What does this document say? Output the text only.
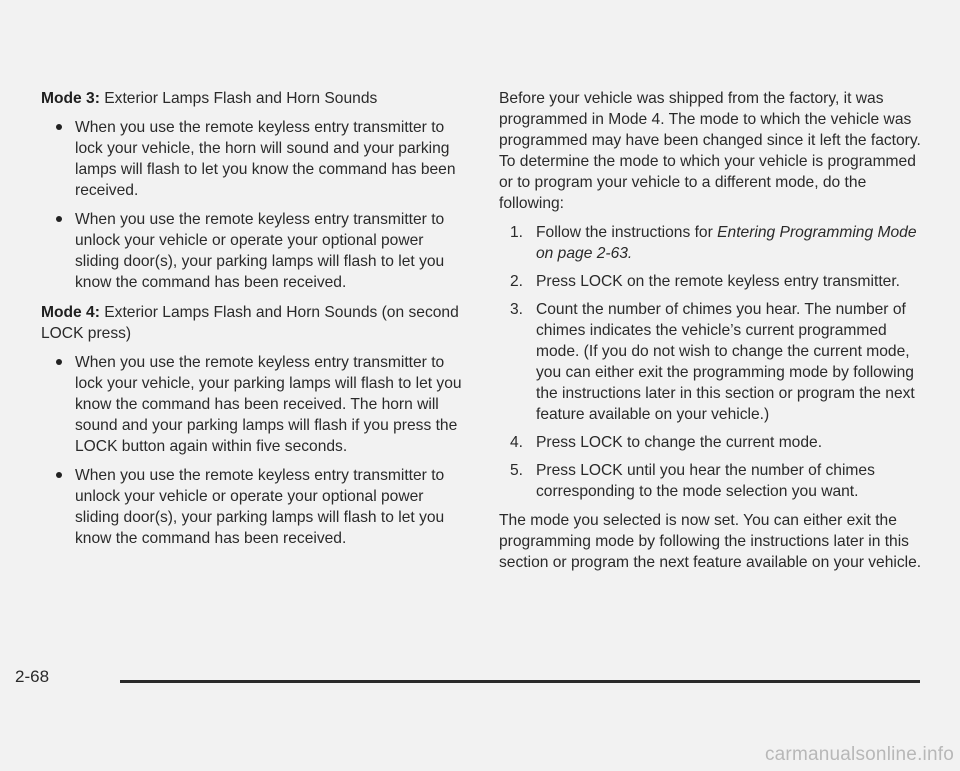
Mode 3: Exterior Lamps Flash and Horn Sounds

When you use the remote keyless entry transmitter to lock your vehicle, the horn will sound and your parking lamps will flash to let you know the command has been received.
When you use the remote keyless entry transmitter to unlock your vehicle or operate your optional power sliding door(s), your parking lamps will flash to let you know the command has been received.

Mode 4: Exterior Lamps Flash and Horn Sounds (on second LOCK press)

When you use the remote keyless entry transmitter to lock your vehicle, your parking lamps will flash to let you know the command has been received. The horn will sound and your parking lamps will flash if you press the LOCK button again within five seconds.
When you use the remote keyless entry transmitter to unlock your vehicle or operate your optional power sliding door(s), your parking lamps will flash to let you know the command has been received.

Before your vehicle was shipped from the factory, it was programmed in Mode 4. The mode to which the vehicle was programmed may have been changed since it left the factory. To determine the mode to which your vehicle is programmed or to program your vehicle to a different mode, do the following:

1. Follow the instructions for Entering Programming Mode on page 2-63.
2. Press LOCK on the remote keyless entry transmitter.
3. Count the number of chimes you hear. The number of chimes indicates the vehicle’s current programmed mode. (If you do not wish to change the current mode, you can either exit the programming mode by following the instructions later in this section or program the next feature available on your vehicle.)
4. Press LOCK to change the current mode.
5. Press LOCK until you hear the number of chimes corresponding to the mode selection you want.

The mode you selected is now set. You can either exit the programming mode by following the instructions later in this section or program the next feature available on your vehicle.

2-68
carmanualsonline.info
